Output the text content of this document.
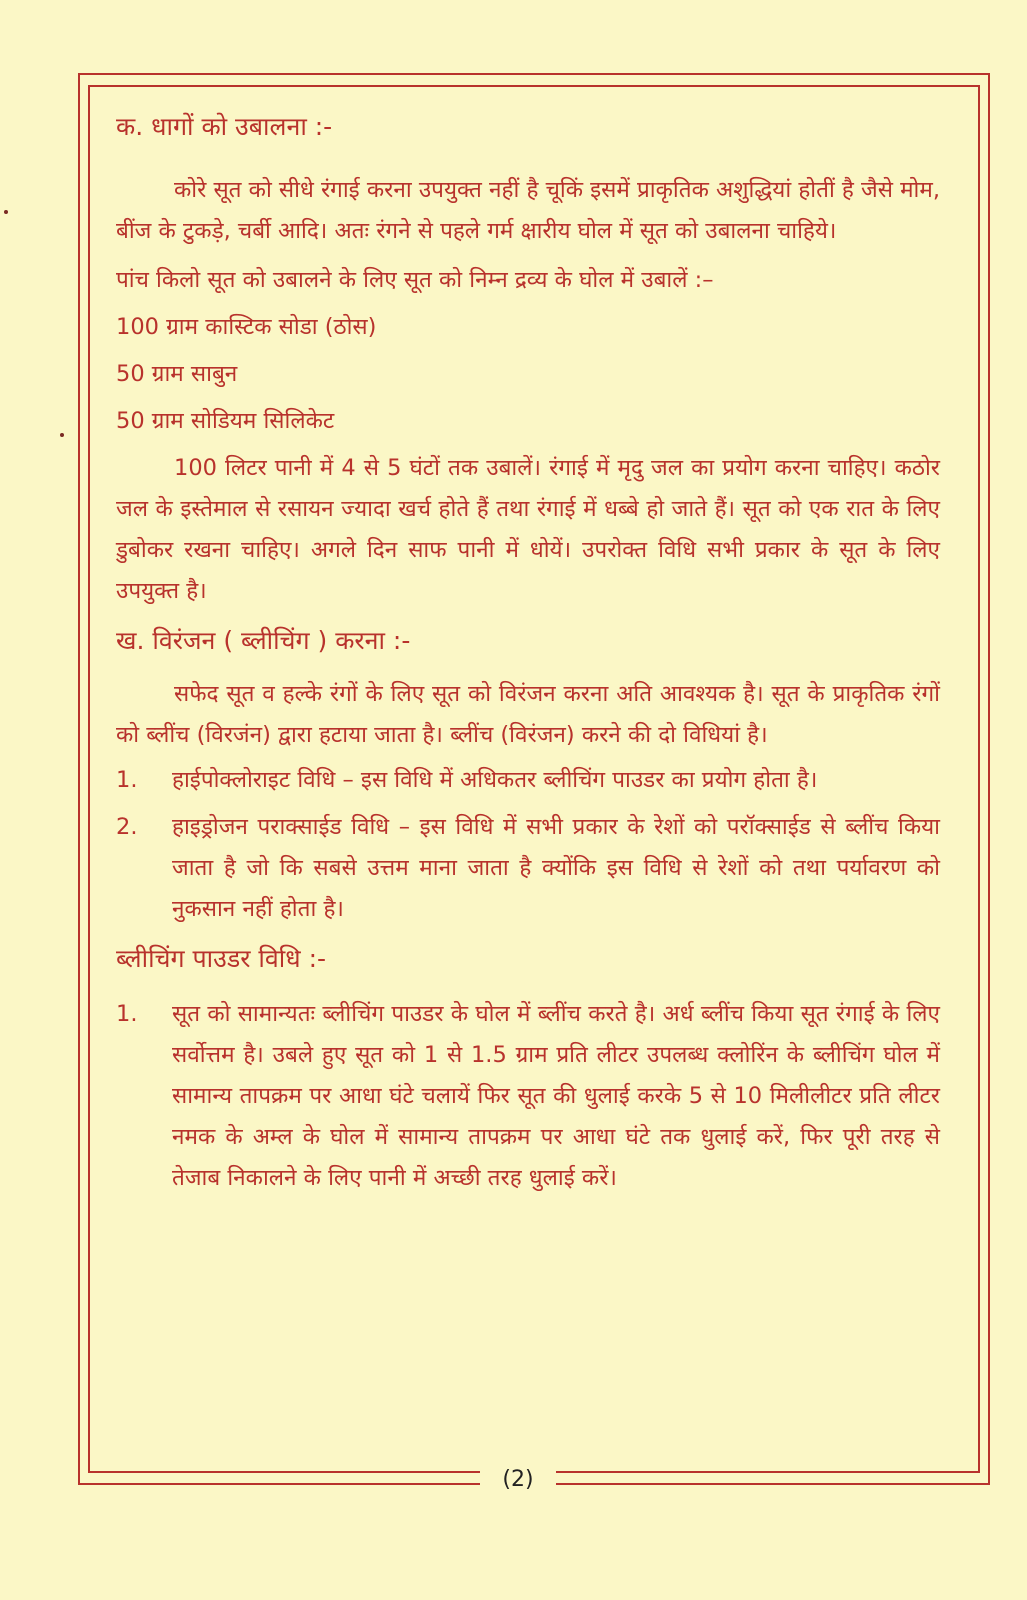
क. धागों को उबालना :-

कोरे सूत को सीधे रंगाई करना उपयुक्त नहीं है चूकिं इसमें प्राकृतिक अशुद्धियां होतीं है जैसे मोम, बींज के टुकड़े, चर्बी आदि। अतः रंगने से पहले गर्म क्षारीय घोल में सूत को उबालना चाहिये।

पांच किलो सूत को उबालने के लिए सूत को निम्न द्रव्य के घोल में उबालें :–

100 ग्राम कास्टिक सोडा (ठोस)

50 ग्राम साबुन

50 ग्राम सोडियम सिलिकेट

100 लिटर पानी में 4 से 5 घंटों तक उबालें। रंगाई में मृदु जल का प्रयोग करना चाहिए। कठोर जल के इस्तेमाल से रसायन ज्यादा खर्च होते हैं तथा रंगाई में धब्बे हो जाते हैं। सूत को एक रात के लिए डुबोकर रखना चाहिए। अगले दिन साफ पानी में धोयें। उपरोक्त विधि सभी प्रकार के सूत के लिए उपयुक्त है।

ख. विरंजन ( ब्लीचिंग ) करना :-

सफेद सूत व हल्के रंगों के लिए सूत को विरंजन करना अति आवश्यक है। सूत के प्राकृतिक रंगों को ब्लींच (विरजंन) द्वारा हटाया जाता है। ब्लींच (विरंजन) करने की दो विधियां है।

1.	हाईपोक्लोराइट विधि – इस विधि में अधिकतर ब्लीचिंग पाउडर का प्रयोग होता है।
2.	हाइड्रोजन पराक्साईड विधि – इस विधि में सभी प्रकार के रेशों को परॉक्साईड से ब्लींच किया जाता है जो कि सबसे उत्तम माना जाता है क्योंकि इस विधि से रेशों को तथा पर्यावरण को नुकसान नहीं होता है।
ब्लीचिंग पाउडर विधि :-
1.	सूत को सामान्यतः ब्लीचिंग पाउडर के घोल में ब्लींच करते है। अर्ध ब्लींच किया सूत रंगाई के लिए सर्वोत्तम है। उबले हुए सूत को 1 से 1.5 ग्राम प्रति लीटर उपलब्ध क्लोरिंन के ब्लीचिंग घोल में सामान्य तापक्रम पर आधा घंटे चलायें फिर सूत की धुलाई करके 5 से 10 मिलीलीटर प्रति लीटर नमक के अम्ल के घोल में सामान्य तापक्रम पर आधा घंटे तक धुलाई करें, फिर पूरी तरह से तेजाब निकालने के लिए पानी में अच्छी तरह धुलाई करें।
(2)
